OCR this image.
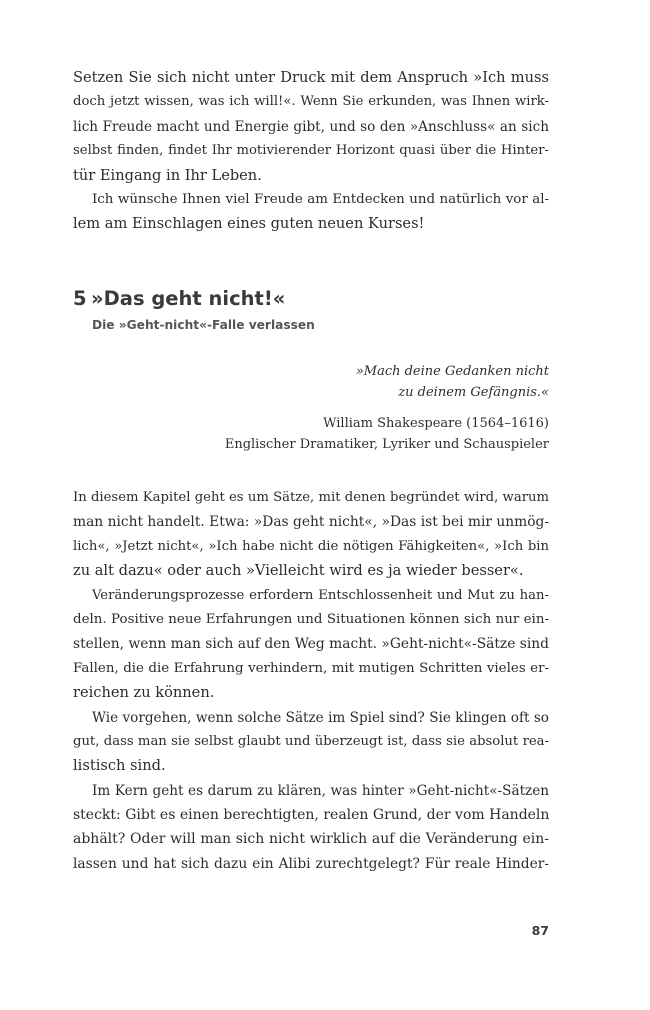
Setzen Sie sich nicht unter Druck mit dem Anspruch »Ich muss
doch jetzt wissen, was ich will!«. Wenn Sie erkunden, was Ihnen wirk-
lich Freude macht und Energie gibt, und so den »Anschluss« an sich
selbst finden, findet Ihr motivierender Horizont quasi über die Hinter-
tür Eingang in Ihr Leben.
Ich wünsche Ihnen viel Freude am Entdecken und natürlich vor al-
lem am Einschlagen eines guten neuen Kurses!
5 »Das geht nicht!«
Die »Geht-nicht«-Falle verlassen
»Mach deine Gedanken nicht
zu deinem Gefängnis.«
William Shakespeare (1564–1616)
Englischer Dramatiker, Lyriker und Schauspieler
In diesem Kapitel geht es um Sätze, mit denen begründet wird, warum
man nicht handelt. Etwa: »Das geht nicht«, »Das ist bei mir unmög-
lich«, »Jetzt nicht«, »Ich habe nicht die nötigen Fähigkeiten«, »Ich bin
zu alt dazu« oder auch »Vielleicht wird es ja wieder besser«.
Veränderungsprozesse erfordern Entschlossenheit und Mut zu han-
deln. Positive neue Erfahrungen und Situationen können sich nur ein-
stellen, wenn man sich auf den Weg macht. »Geht-nicht«-Sätze sind
Fallen, die die Erfahrung verhindern, mit mutigen Schritten vieles er-
reichen zu können.
Wie vorgehen, wenn solche Sätze im Spiel sind? Sie klingen oft so
gut, dass man sie selbst glaubt und überzeugt ist, dass sie absolut rea-
listisch sind.
Im Kern geht es darum zu klären, was hinter »Geht-nicht«-Sätzen
steckt: Gibt es einen berechtigten, realen Grund, der vom Handeln
abhält? Oder will man sich nicht wirklich auf die Veränderung ein-
lassen und hat sich dazu ein Alibi zurechtgelegt? Für reale Hinder-
87
